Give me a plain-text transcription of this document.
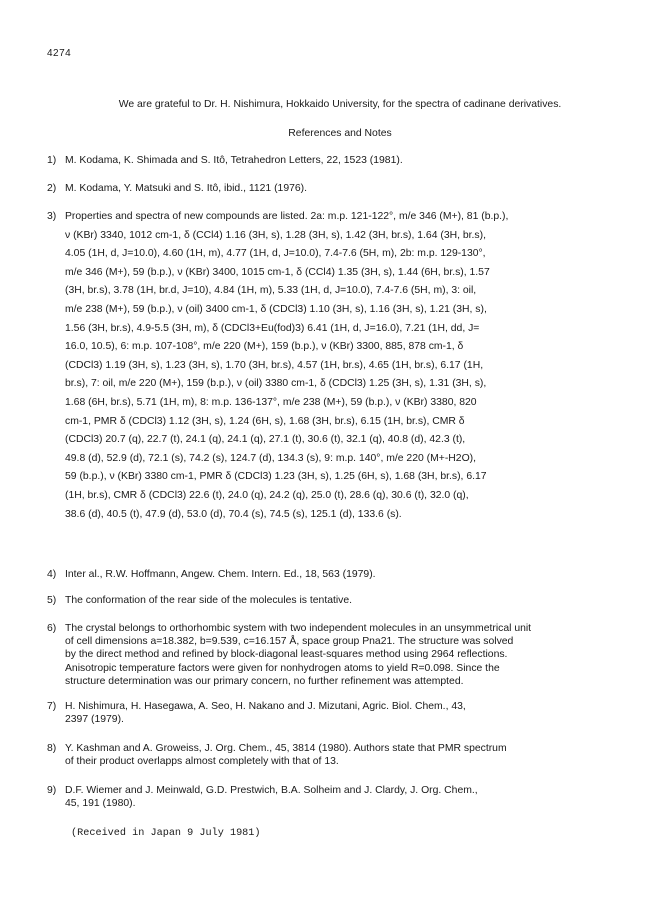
4274
We are grateful to Dr. H. Nishimura, Hokkaido University, for the spectra of cadinane derivatives.
References and Notes
1) M. Kodama, K. Shimada and S. Itô, Tetrahedron Letters, 22, 1523 (1981).
2) M. Kodama, Y. Matsuki and S. Itô, ibid., 1121 (1976).
3) Properties and spectra of new compounds are listed. 2a: m.p. 121-122°, m/e 346 (M+), 81 (b.p.),
ν (KBr) 3340, 1012 cm-1, δ (CCl4) 1.16 (3H, s), 1.28 (3H, s), 1.42 (3H, br.s), 1.64 (3H, br.s),
4.05 (1H, d, J=10.0), 4.60 (1H, m), 4.77 (1H, d, J=10.0), 7.4-7.6 (5H, m), 2b: m.p. 129-130°,
m/e 346 (M+), 59 (b.p.), ν (KBr) 3400, 1015 cm-1, δ (CCl4) 1.35 (3H, s), 1.44 (6H, br.s), 1.57
(3H, br.s), 3.78 (1H, br.d, J=10), 4.84 (1H, m), 5.33 (1H, d, J=10.0), 7.4-7.6 (5H, m), 3: oil,
m/e 238 (M+), 59 (b.p.), ν (oil) 3400 cm-1, δ (CDCl3) 1.10 (3H, s), 1.16 (3H, s), 1.21 (3H, s),
1.56 (3H, br.s), 4.9-5.5 (3H, m), δ (CDCl3+Eu(fod)3) 6.41 (1H, d, J=16.0), 7.21 (1H, dd, J=
16.0, 10.5), 6: m.p. 107-108°, m/e 220 (M+), 159 (b.p.), ν (KBr) 3300, 885, 878 cm-1, δ
(CDCl3) 1.19 (3H, s), 1.23 (3H, s), 1.70 (3H, br.s), 4.57 (1H, br.s), 4.65 (1H, br.s), 6.17 (1H,
br.s), 7: oil, m/e 220 (M+), 159 (b.p.), ν (oil) 3380 cm-1, δ (CDCl3) 1.25 (3H, s), 1.31 (3H, s),
1.68 (6H, br.s), 5.71 (1H, m), 8: m.p. 136-137°, m/e 238 (M+), 59 (b.p.), ν (KBr) 3380, 820
cm-1, PMR δ (CDCl3) 1.12 (3H, s), 1.24 (6H, s), 1.68 (3H, br.s), 6.15 (1H, br.s), CMR δ
(CDCl3) 20.7 (q), 22.7 (t), 24.1 (q), 24.1 (q), 27.1 (t), 30.6 (t), 32.1 (q), 40.8 (d), 42.3 (t),
49.8 (d), 52.9 (d), 72.1 (s), 74.2 (s), 124.7 (d), 134.3 (s), 9: m.p. 140°, m/e 220 (M+-H2O),
59 (b.p.), ν (KBr) 3380 cm-1, PMR δ (CDCl3) 1.23 (3H, s), 1.25 (6H, s), 1.68 (3H, br.s), 6.17
(1H, br.s), CMR δ (CDCl3) 22.6 (t), 24.0 (q), 24.2 (q), 25.0 (t), 28.6 (q), 30.6 (t), 32.0 (q),
38.6 (d), 40.5 (t), 47.9 (d), 53.0 (d), 70.4 (s), 74.5 (s), 125.1 (d), 133.6 (s).
4) Inter al., R.W. Hoffmann, Angew. Chem. Intern. Ed., 18, 563 (1979).
5) The conformation of the rear side of the molecules is tentative.
6) The crystal belongs to orthorhombic system with two independent molecules in an unsymmetrical unit
of cell dimensions a=18.382, b=9.539, c=16.157 Å, space group Pna21. The structure was solved
by the direct method and refined by block-diagonal least-squares method using 2964 reflections.
Anisotropic temperature factors were given for nonhydrogen atoms to yield R=0.098. Since the
structure determination was our primary concern, no further refinement was attempted.
7) H. Nishimura, H. Hasegawa, A. Seo, H. Nakano and J. Mizutani, Agric. Biol. Chem., 43,
2397 (1979).
8) Y. Kashman and A. Groweiss, J. Org. Chem., 45, 3814 (1980). Authors state that PMR spectrum
of their product overlapps almost completely with that of 13.
9) D.F. Wiemer and J. Meinwald, G.D. Prestwich, B.A. Solheim and J. Clardy, J. Org. Chem.,
45, 191 (1980).
(Received in Japan 9 July 1981)
